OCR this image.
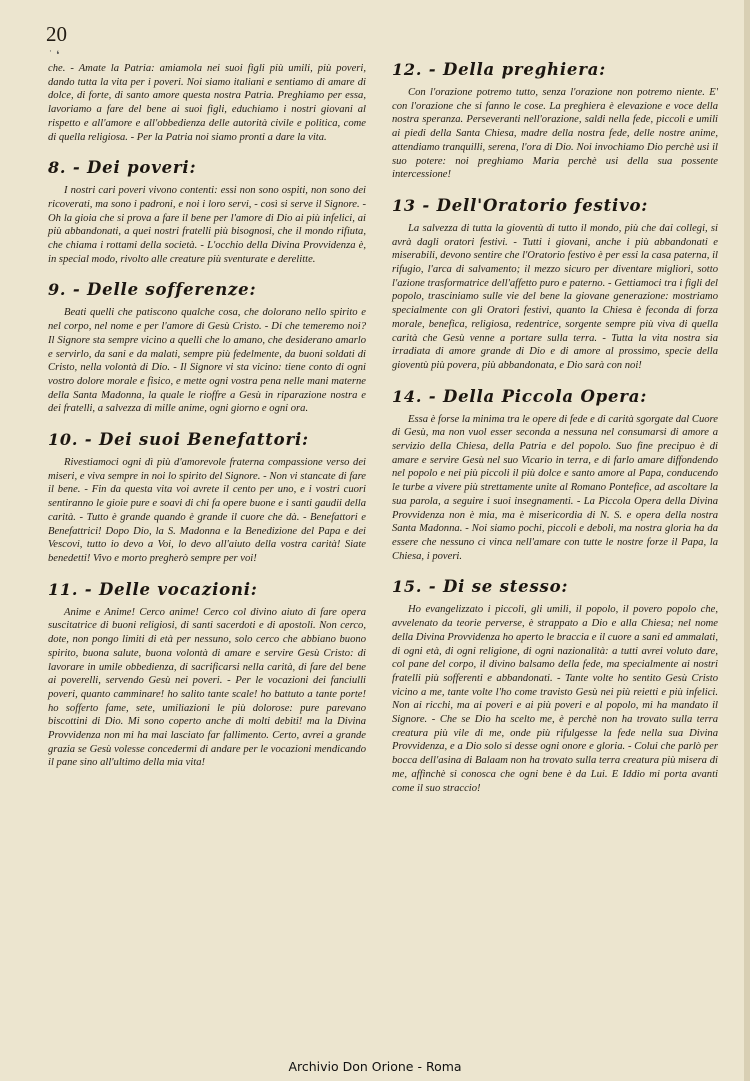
20
˙ ❛

che. - Amate la Patria: amiamola nei suoi figli più umili, più poveri, dando tutta la vita per i poveri. Noi siamo italiani e sentiamo di amare di dolce, di forte, di santo amore questa nostra Patria. Preghiamo per essa, lavoriamo a fare del bene ai suoi figli, educhiamo i nostri giovani al rispetto e all'amore e all'obbedienza delle autorità civile e politica, come di quella religiosa. - Per la Patria noi siamo pronti a dare la vita.

8. - Dei poveri:

I nostri cari poveri vivono contenti: essi non sono ospiti, non sono dei ricoverati, ma sono i padroni, e noi i loro servi, - così si serve il Signore. - Oh la gioia che si prova a fare il bene per l'amore di Dio ai più infelici, ai più abbandonati, a quei nostri fratelli più bisognosi, che il mondo rifiuta, che chiama i rottami della società. - L'occhio della Divina Provvidenza è, in special modo, rivolto alle creature più sventurate e derelitte.

9. - Delle sofferenze:

Beati quelli che patiscono qualche cosa, che dolorano nello spirito e nel corpo, nel nome e per l'amore di Gesù Cristo. - Di che temeremo noi? Il Signore sta sempre vicino a quelli che lo amano, che desiderano amarlo e servirlo, da sani e da malati, sempre più fedelmente, da buoni soldati di Cristo, nella volontà di Dio. - Il Signore vi sta vicino: tiene conto di ogni vostro dolore morale e fisico, e mette ogni vostra pena nelle mani materne della Santa Madonna, la quale le rioffre a Gesù in riparazione nostra e dei fratelli, a salvezza di mille anime, ogni giorno e ogni ora.

10. - Dei suoi Benefattori:

Rivestiamoci ogni dì più d'amorevole fraterna compassione verso dei miseri, e viva sempre in noi lo spirito del Signore. - Non vi stancate di fare il bene. - Fin da questa vita voi avrete il cento per uno, e i vostri cuori sentiranno le gioie pure e soavi di chi fa opere buone e i santi gaudii della carità. - Tutto è grande quando è grande il cuore che dà. - Benefattori e Benefattrici! Dopo Dio, la S. Madonna e la Benedizione del Papa e dei Vescovi, tutto io devo a Voi, lo devo all'aiuto della vostra carità! Siate benedetti! Vivo e morto pregherò sempre per voi!

11. - Delle vocazioni:

Anime e Anime! Cerco anime! Cerco col divino aiuto di fare opera suscitatrice di buoni religiosi, di santi sacerdoti e di apostoli. Non cerco, dote, non pongo limiti di età per nessuno, solo cerco che abbiano buono spirito, buona salute, buona volontà di amare e servire Gesù Cristo: di lavorare in umile obbedienza, di sacrificarsi nella carità, di fare del bene ai poverelli, servendo Gesù nei poveri. - Per le vocazioni dei fanciulli poveri, quanto camminare! ho salito tante scale! ho battuto a tante porte! ho sofferto fame, sete, umiliazioni le più dolorose: pure parevano biscottini di Dio. Mi sono coperto anche di molti debiti! ma la Divina Provvidenza non mi ha mai lasciato far fallimento. Certo, avrei a grande grazia se Gesù volesse concedermi di andare per le vocazioni mendicando il pane sino all'ultimo della mia vita!

12. - Della preghiera:

Con l'orazione potremo tutto, senza l'orazione non potremo niente. E' con l'orazione che si fanno le cose. La preghiera è elevazione e voce della nostra speranza. Perseveranti nell'orazione, saldi nella fede, piccoli e umili ai piedi della Santa Chiesa, madre della nostra fede, delle nostre anime, attendiamo tranquilli, serena, l'ora di Dio. Noi invochiamo Dio perchè usi il suo potere: noi preghiamo Maria perchè usi della sua possente intercessione!

13 - Dell'Oratorio festivo:

La salvezza di tutta la gioventù di tutto il mondo, più che dai collegi, si avrà dagli oratori festivi. - Tutti i giovani, anche i più abbandonati e miserabili, devono sentire che l'Oratorio festivo è per essi la casa paterna, il rifugio, l'arca di salvamento; il mezzo sicuro per diventare migliori, sotto l'azione trasformatrice dell'affetto puro e paterno. - Gettiamoci tra i figli del popolo, trasciniamo sulle vie del bene la giovane generazione: mostriamo specialmente con gli Oratori festivi, quanto la Chiesa è feconda di forza morale, benefica, religiosa, redentrice, sorgente sempre più viva di quella carità che Gesù venne a portare sulla terra. - Tutta la vita nostra sia irradiata di amore grande di Dio e di amore al prossimo, specie della gioventù più povera, più abbandonata, e Dio sarà con noi!

14. - Della Piccola Opera:

Essa è forse la minima tra le opere di fede e di carità sgorgate dal Cuore di Gesù, ma non vuol esser seconda a nessuna nel consumarsi di amore a servizio della Chiesa, della Patria e del popolo. Suo fine precipuo è di amare e servire Gesù nel suo Vicario in terra, e di farlo amare diffondendo nel popolo e nei più piccoli il più dolce e santo amore al Papa, conducendo le turbe a vivere più strettamente unite al Romano Pontefice, ad ascoltare la sua parola, a seguire i suoi insegnamenti. - La Piccola Opera della Divina Provvidenza non è mia, ma è misericordia di N. S. e opera della nostra Santa Madonna. - Noi siamo pochi, piccoli e deboli, ma nostra gloria ha da essere che nessuno ci vinca nell'amare con tutte le nostre forze il Papa, la Chiesa, i poveri.

15. - Di se stesso:

Ho evangelizzato i piccoli, gli umili, il popolo, il povero popolo che, avvelenato da teorie perverse, è strappato a Dio e alla Chiesa; nel nome della Divina Provvidenza ho aperto le braccia e il cuore a sani ed ammalati, di ogni età, di ogni religione, di ogni nazionalità: a tutti avrei voluto dare, col pane del corpo, il divino balsamo della fede, ma specialmente ai nostri fratelli più sofferenti e abbandonati. - Tante volte ho sentito Gesù Cristo vicino a me, tante volte l'ho come travisto Gesù nei più reietti e più infelici. Non ai ricchi, ma ai poveri e ai più poveri e al popolo, mi ha mandato il Signore. - Che se Dio ha scelto me, è perchè non ha trovato sulla terra creatura più vile di me, onde più rifulgesse la fede nella sua Divina Provvidenza, e a Dio solo si desse ogni onore e gloria. - Colui che parlò per bocca dell'asina di Balaam non ha trovato sulla terra creatura più misera di me, affinchè si conosca che ogni bene è da Lui. E Iddio mi porta avanti come il suo straccio!

Archivio Don Orione - Roma
